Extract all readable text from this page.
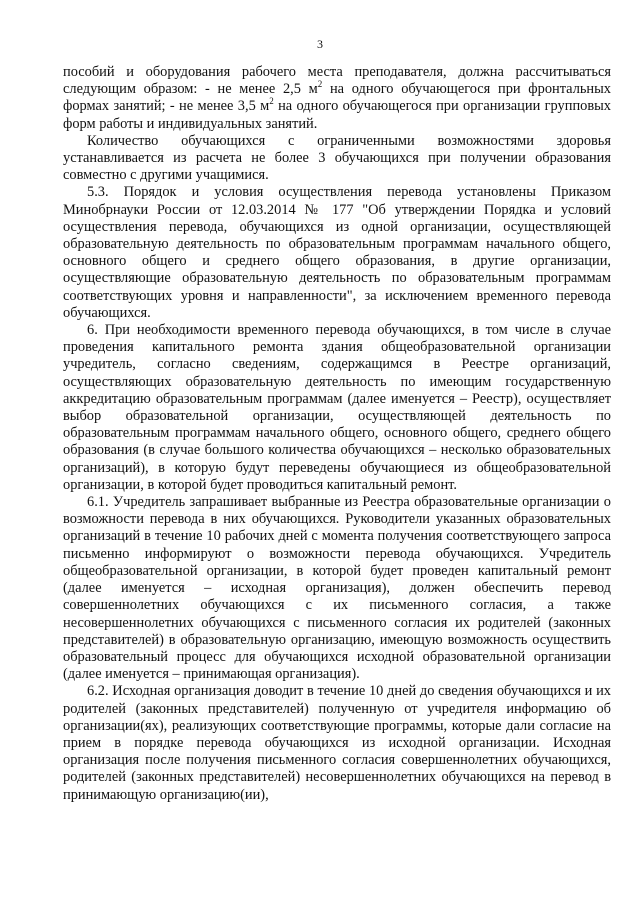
3

пособий и оборудования рабочего места преподавателя, должна рассчитываться следующим образом: - не менее 2,5 $м^2$ на одного обучающегося при фронтальных формах занятий; - не менее 3,5 $м^2$ на одного обучающегося при организации групповых форм работы и индивидуальных занятий.

Количество обучающихся с ограниченными возможностями здоровья устанавливается из расчета не более 3 обучающихся при получении образования совместно с другими учащимися.

5.3. Порядок и условия осуществления перевода установлены Приказом Минобрнауки России от 12.03.2014 № 177 "Об утверждении Порядка и условий осуществления перевода, обучающихся из одной организации, осуществляющей образовательную деятельность по образовательным программам начального общего, основного общего и среднего общего образования, в другие организации, осуществляющие образовательную деятельность по образовательным программам соответствующих уровня и направленности", за исключением временного перевода обучающихся.

6. При необходимости временного перевода обучающихся, в том числе в случае проведения капитального ремонта здания общеобразовательной организации учредитель, согласно сведениям, содержащимся в Реестре организаций, осуществляющих образовательную деятельность по имеющим государственную аккредитацию образовательным программам (далее именуется – Реестр), осуществляет выбор образовательной организации, осуществляющей деятельность по образовательным программам начального общего, основного общего, среднего общего образования (в случае большого количества обучающихся – несколько образовательных организаций), в которую будут переведены обучающиеся из общеобразовательной организации, в которой будет проводиться капитальный ремонт.

6.1. Учредитель запрашивает выбранные из Реестра образовательные организации о возможности перевода в них обучающихся. Руководители указанных образовательных организаций в течение 10 рабочих дней с момента получения соответствующего запроса письменно информируют о возможности перевода обучающихся. Учредитель общеобразовательной организации, в которой будет проведен капитальный ремонт (далее именуется – исходная организация), должен обеспечить перевод совершеннолетних обучающихся с их письменного согласия, а также несовершеннолетних обучающихся с письменного согласия их родителей (законных представителей) в образовательную организацию, имеющую возможность осуществить образовательный процесс для обучающихся исходной образовательной организации (далее именуется – принимающая организация).

6.2. Исходная организация доводит в течение 10 дней до сведения обучающихся и их родителей (законных представителей) полученную от учредителя информацию об организации(ях), реализующих соответствующие программы, которые дали согласие на прием в порядке перевода обучающихся из исходной организации. Исходная организация после получения письменного согласия совершеннолетних обучающихся, родителей (законных представителей) несовершеннолетних обучающихся на перевод в принимающую организацию(ии),
